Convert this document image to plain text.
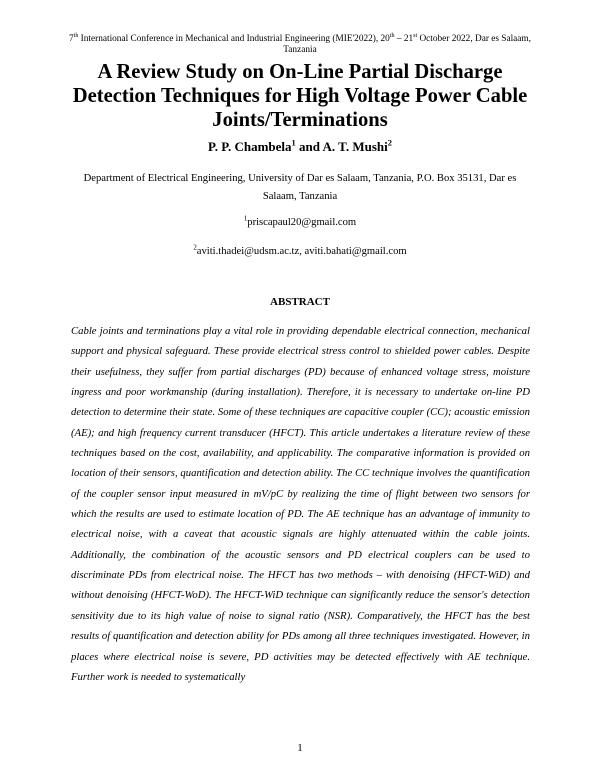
7th International Conference in Mechanical and Industrial Engineering (MIE'2022), 20th – 21st October 2022, Dar es Salaam, Tanzania
A Review Study on On-Line Partial Discharge Detection Techniques for High Voltage Power Cable Joints/Terminations
P. P. Chambela$^1$ and A. T. Mushi$^2$
Department of Electrical Engineering, University of Dar es Salaam, Tanzania, P.O. Box 35131, Dar es Salaam, Tanzania
$^1$priscapaul20@gmail.com
$^2$aviti.thadei@udsm.ac.tz, aviti.bahati@gmail.com
ABSTRACT

Cable joints and terminations play a vital role in providing dependable electrical connection, mechanical support and physical safeguard. These provide electrical stress control to shielded power cables. Despite their usefulness, they suffer from partial discharges (PD) because of enhanced voltage stress, moisture ingress and poor workmanship (during installation). Therefore, it is necessary to undertake on-line PD detection to determine their state. Some of these techniques are capacitive coupler (CC); acoustic emission (AE); and high frequency current transducer (HFCT). This article undertakes a literature review of these techniques based on the cost, availability, and applicability. The comparative information is provided on location of their sensors, quantification and detection ability. The CC technique involves the quantification of the coupler sensor input measured in mV/pC by realizing the time of flight between two sensors for which the results are used to estimate location of PD. The AE technique has an advantage of immunity to electrical noise, with a caveat that acoustic signals are highly attenuated within the cable joints. Additionally, the combination of the acoustic sensors and PD electrical couplers can be used to discriminate PDs from electrical noise. The HFCT has two methods – with denoising (HFCT-WiD) and without denoising (HFCT-WoD). The HFCT-WiD technique can significantly reduce the sensor's detection sensitivity due to its high value of noise to signal ratio (NSR). Comparatively, the HFCT has the best results of quantification and detection ability for PDs among all three techniques investigated. However, in places where electrical noise is severe, PD activities may be detected effectively with AE technique. Further work is needed to systematically

1
